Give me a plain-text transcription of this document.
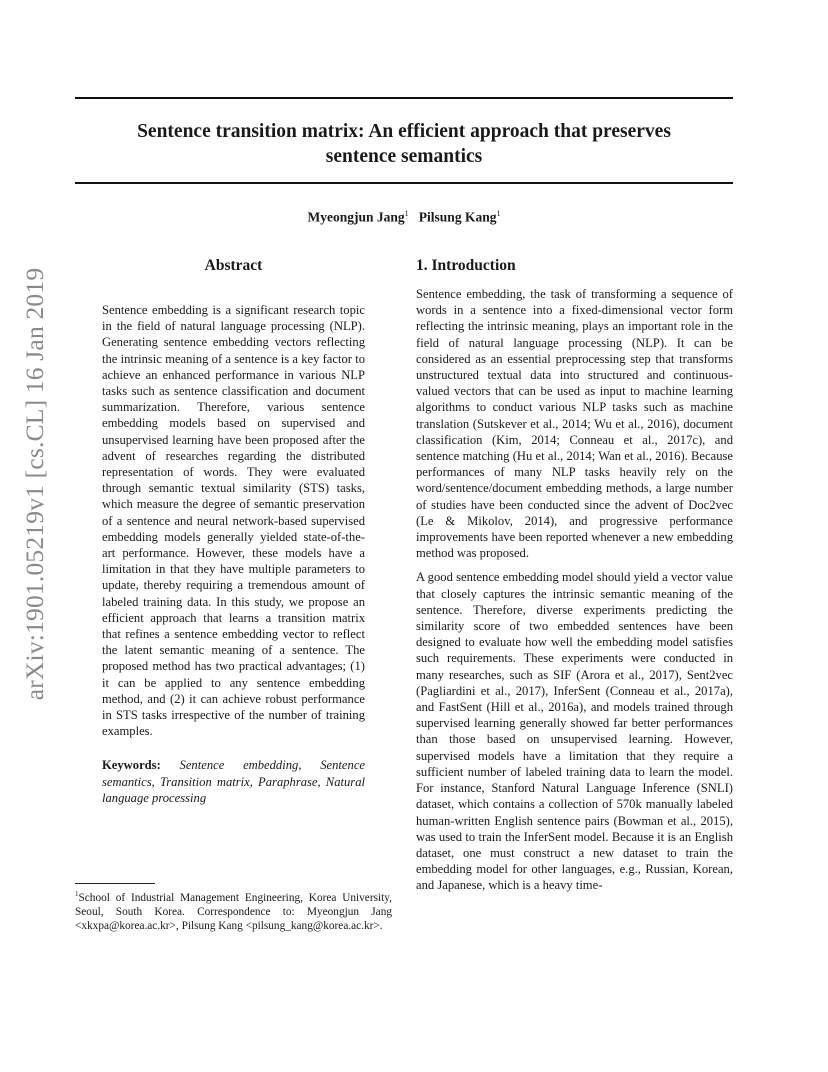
Sentence transition matrix: An efficient approach that preserves
sentence semantics
Myeongjun Jang$^1$ Pilsung Kang$^1$
arXiv:1901.05219v1 [cs.CL] 16 Jan 2019
Abstract

Sentence embedding is a significant research topic in the field of natural language processing (NLP). Generating sentence embedding vectors reflecting the intrinsic meaning of a sentence is a key factor to achieve an enhanced performance in various NLP tasks such as sentence classification and document summarization. Therefore, various sentence embedding models based on supervised and unsupervised learning have been proposed after the advent of researches regarding the distributed representation of words. They were evaluated through semantic textual similarity (STS) tasks, which measure the degree of semantic preservation of a sentence and neural network-based supervised embedding models generally yielded state-of-the-art performance. However, these models have a limitation in that they have multiple parameters to update, thereby requiring a tremendous amount of labeled training data. In this study, we propose an efficient approach that learns a transition matrix that refines a sentence embedding vector to reflect the latent semantic meaning of a sentence. The proposed method has two practical advantages; (1) it can be applied to any sentence embedding method, and (2) it can achieve robust performance in STS tasks irrespective of the number of training examples.

Keywords: Sentence embedding, Sentence semantics, Transition matrix, Paraphrase, Natural language processing

$^1$School of Industrial Management Engineering, Korea University, Seoul, South Korea. Correspondence to: Myeongjun Jang <xkxpa@korea.ac.kr>, Pilsung Kang <pilsung_kang@korea.ac.kr>.
1. Introduction

Sentence embedding, the task of transforming a sequence of words in a sentence into a fixed-dimensional vector form reflecting the intrinsic meaning, plays an important role in the field of natural language processing (NLP). It can be considered as an essential preprocessing step that transforms unstructured textual data into structured and continuous-valued vectors that can be used as input to machine learning algorithms to conduct various NLP tasks such as machine translation (Sutskever et al., 2014; Wu et al., 2016), document classification (Kim, 2014; Conneau et al., 2017c), and sentence matching (Hu et al., 2014; Wan et al., 2016). Because performances of many NLP tasks heavily rely on the word/sentence/document embedding methods, a large number of studies have been conducted since the advent of Doc2vec (Le & Mikolov, 2014), and progressive performance improvements have been reported whenever a new embedding method was proposed.

A good sentence embedding model should yield a vector value that closely captures the intrinsic semantic meaning of the sentence. Therefore, diverse experiments predicting the similarity score of two embedded sentences have been designed to evaluate how well the embedding model satisfies such requirements. These experiments were conducted in many researches, such as SIF (Arora et al., 2017), Sent2vec (Pagliardini et al., 2017), InferSent (Conneau et al., 2017a), and FastSent (Hill et al., 2016a), and models trained through supervised learning generally showed far better performances than those based on unsupervised learning. However, supervised models have a limitation that they require a sufficient number of labeled training data to learn the model. For instance, Stanford Natural Language Inference (SNLI) dataset, which contains a collection of 570k manually labeled human-written English sentence pairs (Bowman et al., 2015), was used to train the InferSent model. Because it is an English dataset, one must construct a new dataset to train the embedding model for other languages, e.g., Russian, Korean, and Japanese, which is a heavy time-
